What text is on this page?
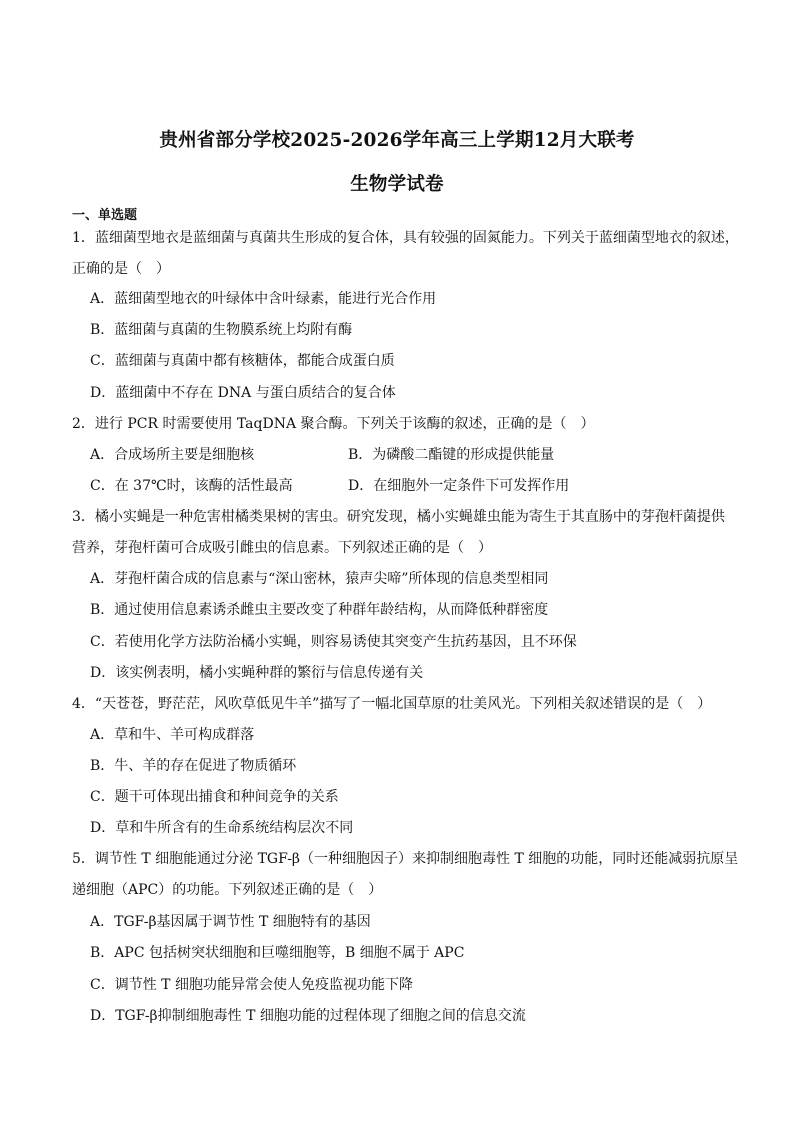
贵州省部分学校2025-2026学年高三上学期12月大联考
生物学试卷
一、单选题
1．蓝细菌型地衣是蓝细菌与真菌共生形成的复合体，具有较强的固氮能力。下列关于蓝细菌型地衣的叙述，
正确的是（　）
A．蓝细菌型地衣的叶绿体中含叶绿素，能进行光合作用
B．蓝细菌与真菌的生物膜系统上均附有酶
C．蓝细菌与真菌中都有核糖体，都能合成蛋白质
D．蓝细菌中不存在 DNA 与蛋白质结合的复合体
2．进行 PCR 时需要使用 TaqDNA 聚合酶。下列关于该酶的叙述，正确的是（　）
A．合成场所主要是细胞核	B．为磷酸二酯键的形成提供能量
C．在 37℃时，该酶的活性最高	D．在细胞外一定条件下可发挥作用
3．橘小实蝇是一种危害柑橘类果树的害虫。研究发现，橘小实蝇雄虫能为寄生于其直肠中的芽孢杆菌提供
营养，芽孢杆菌可合成吸引雌虫的信息素。下列叙述正确的是（　）
A．芽孢杆菌合成的信息素与“深山密林，猿声尖啼”所体现的信息类型相同
B．通过使用信息素诱杀雌虫主要改变了种群年龄结构，从而降低种群密度
C．若使用化学方法防治橘小实蝇，则容易诱使其突变产生抗药基因，且不环保
D．该实例表明，橘小实蝇种群的繁衍与信息传递有关
4．“天苍苍，野茫茫，风吹草低见牛羊”描写了一幅北国草原的壮美风光。下列相关叙述错误的是（　）
A．草和牛、羊可构成群落
B．牛、羊的存在促进了物质循环
C．题干可体现出捕食和种间竞争的关系
D．草和牛所含有的生命系统结构层次不同
5．调节性 T 细胞能通过分泌 TGF-β（一种细胞因子）来抑制细胞毒性 T 细胞的功能，同时还能减弱抗原呈
递细胞（APC）的功能。下列叙述正确的是（　）
A．TGF-β基因属于调节性 T 细胞特有的基因
B．APC 包括树突状细胞和巨噬细胞等，B 细胞不属于 APC
C．调节性 T 细胞功能异常会使人免疫监视功能下降
D．TGF-β抑制细胞毒性 T 细胞功能的过程体现了细胞之间的信息交流
